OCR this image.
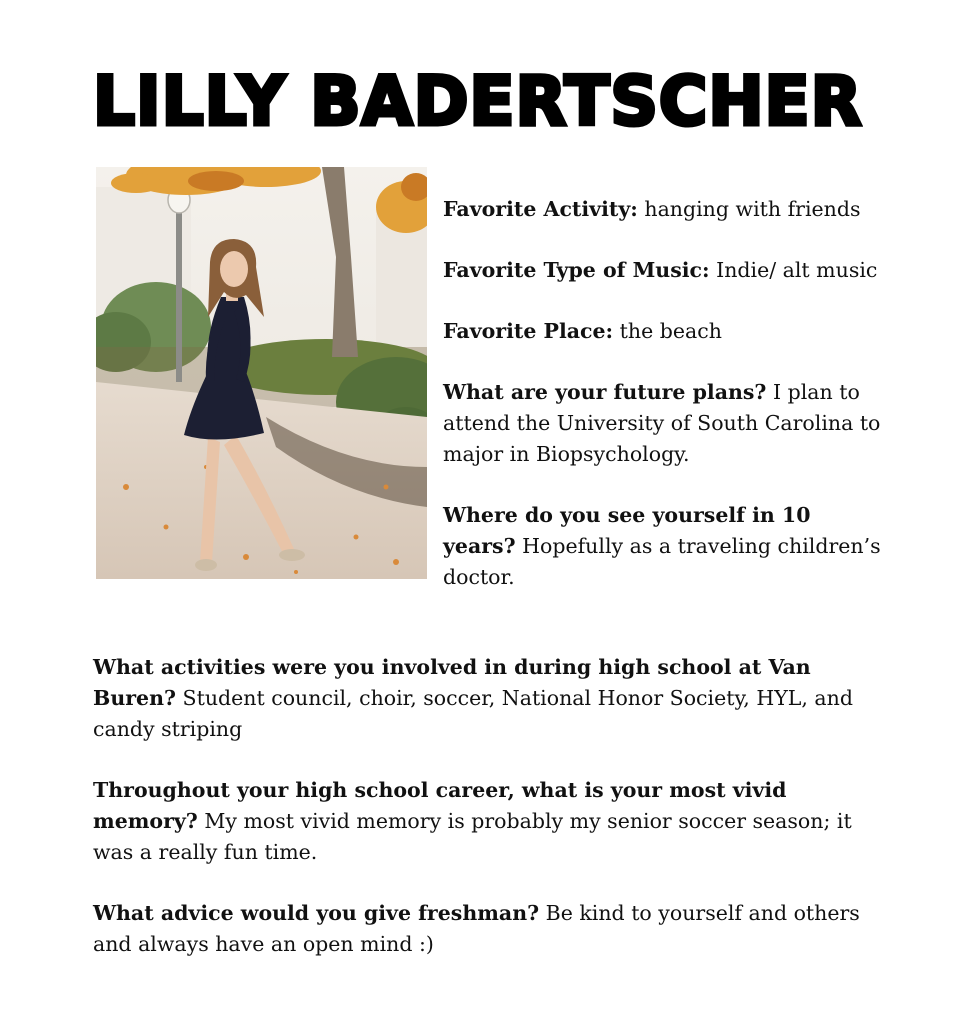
LILLY BADERTSCHER

Favorite Activity: hanging with friends

Favorite Type of Music: Indie/ alt music

Favorite Place: the beach

What are your future plans? I plan to attend the University of South Carolina to major in Biopsychology.

Where do you see yourself in 10 years? Hopefully as a traveling children’s doctor.

What activities were you involved in during high school at Van Buren? Student council, choir, soccer, National Honor Society, HYL, and candy striping

Throughout your high school career, what is your most vivid memory? My most vivid memory is probably my senior soccer season; it was a really fun time.

What advice would you give freshman? Be kind to yourself and others and always have an open mind :)
